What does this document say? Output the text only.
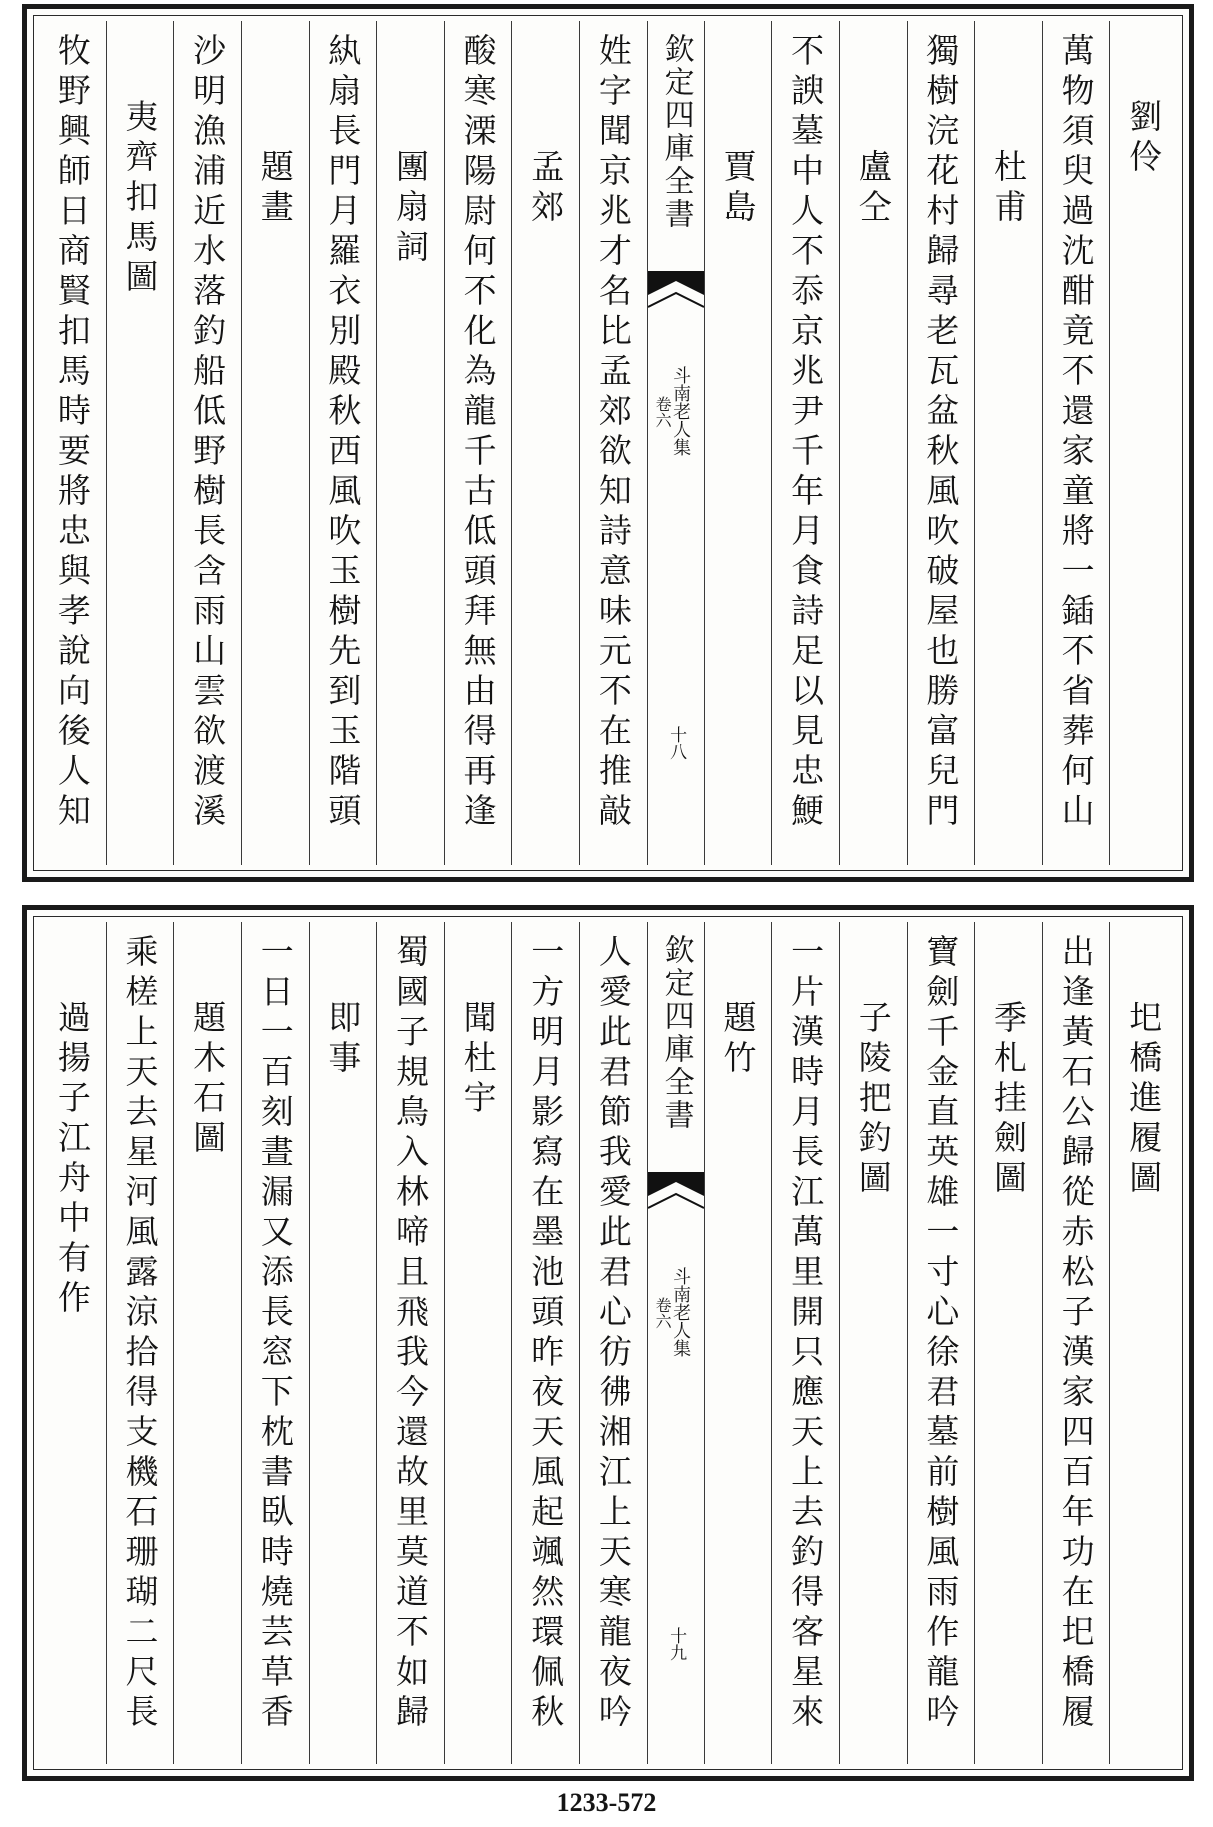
劉伶
萬物須臾過沈酣竟不還家童將一鍤不省葬何山
杜甫
獨樹浣花村歸尋老瓦盆秋風吹破屋也勝富兒門
盧仝
不諛墓中人不忝京兆尹千年月食詩足以見忠鯁
賈島
欽定四庫全書
斗南老人集
卷六
十八
姓字聞京兆才名比孟郊欲知詩意味元不在推敲
孟郊
酸寒溧陽尉何不化為龍千古低頭拜無由得再逢
團扇詞
紈扇長門月羅衣別殿秋西風吹玉樹先到玉階頭
題畫
沙明漁浦近水落釣船低野樹長含雨山雲欲渡溪
夷齊扣馬圖
牧野興師日商賢扣馬時要將忠與孝說向後人知
圯橋進履圖
出逢黃石公歸從赤松子漢家四百年功在圯橋履
季札挂劍圖
寶劍千金直英雄一寸心徐君墓前樹風雨作龍吟
子陵把釣圖
一片漢時月長江萬里開只應天上去釣得客星來
題竹
欽定四庫全書
斗南老人集
卷六
十九
人愛此君節我愛此君心彷彿湘江上天寒龍夜吟
一方明月影寫在墨池頭昨夜天風起颯然環佩秋
聞杜宇
蜀國子規鳥入林啼且飛我今還故里莫道不如歸
即事
一日一百刻晝漏又添長窓下枕書臥時燒芸草香
題木石圖
乘槎上天去星河風露涼拾得支機石珊瑚二尺長
過揚子江舟中有作
1233-572
